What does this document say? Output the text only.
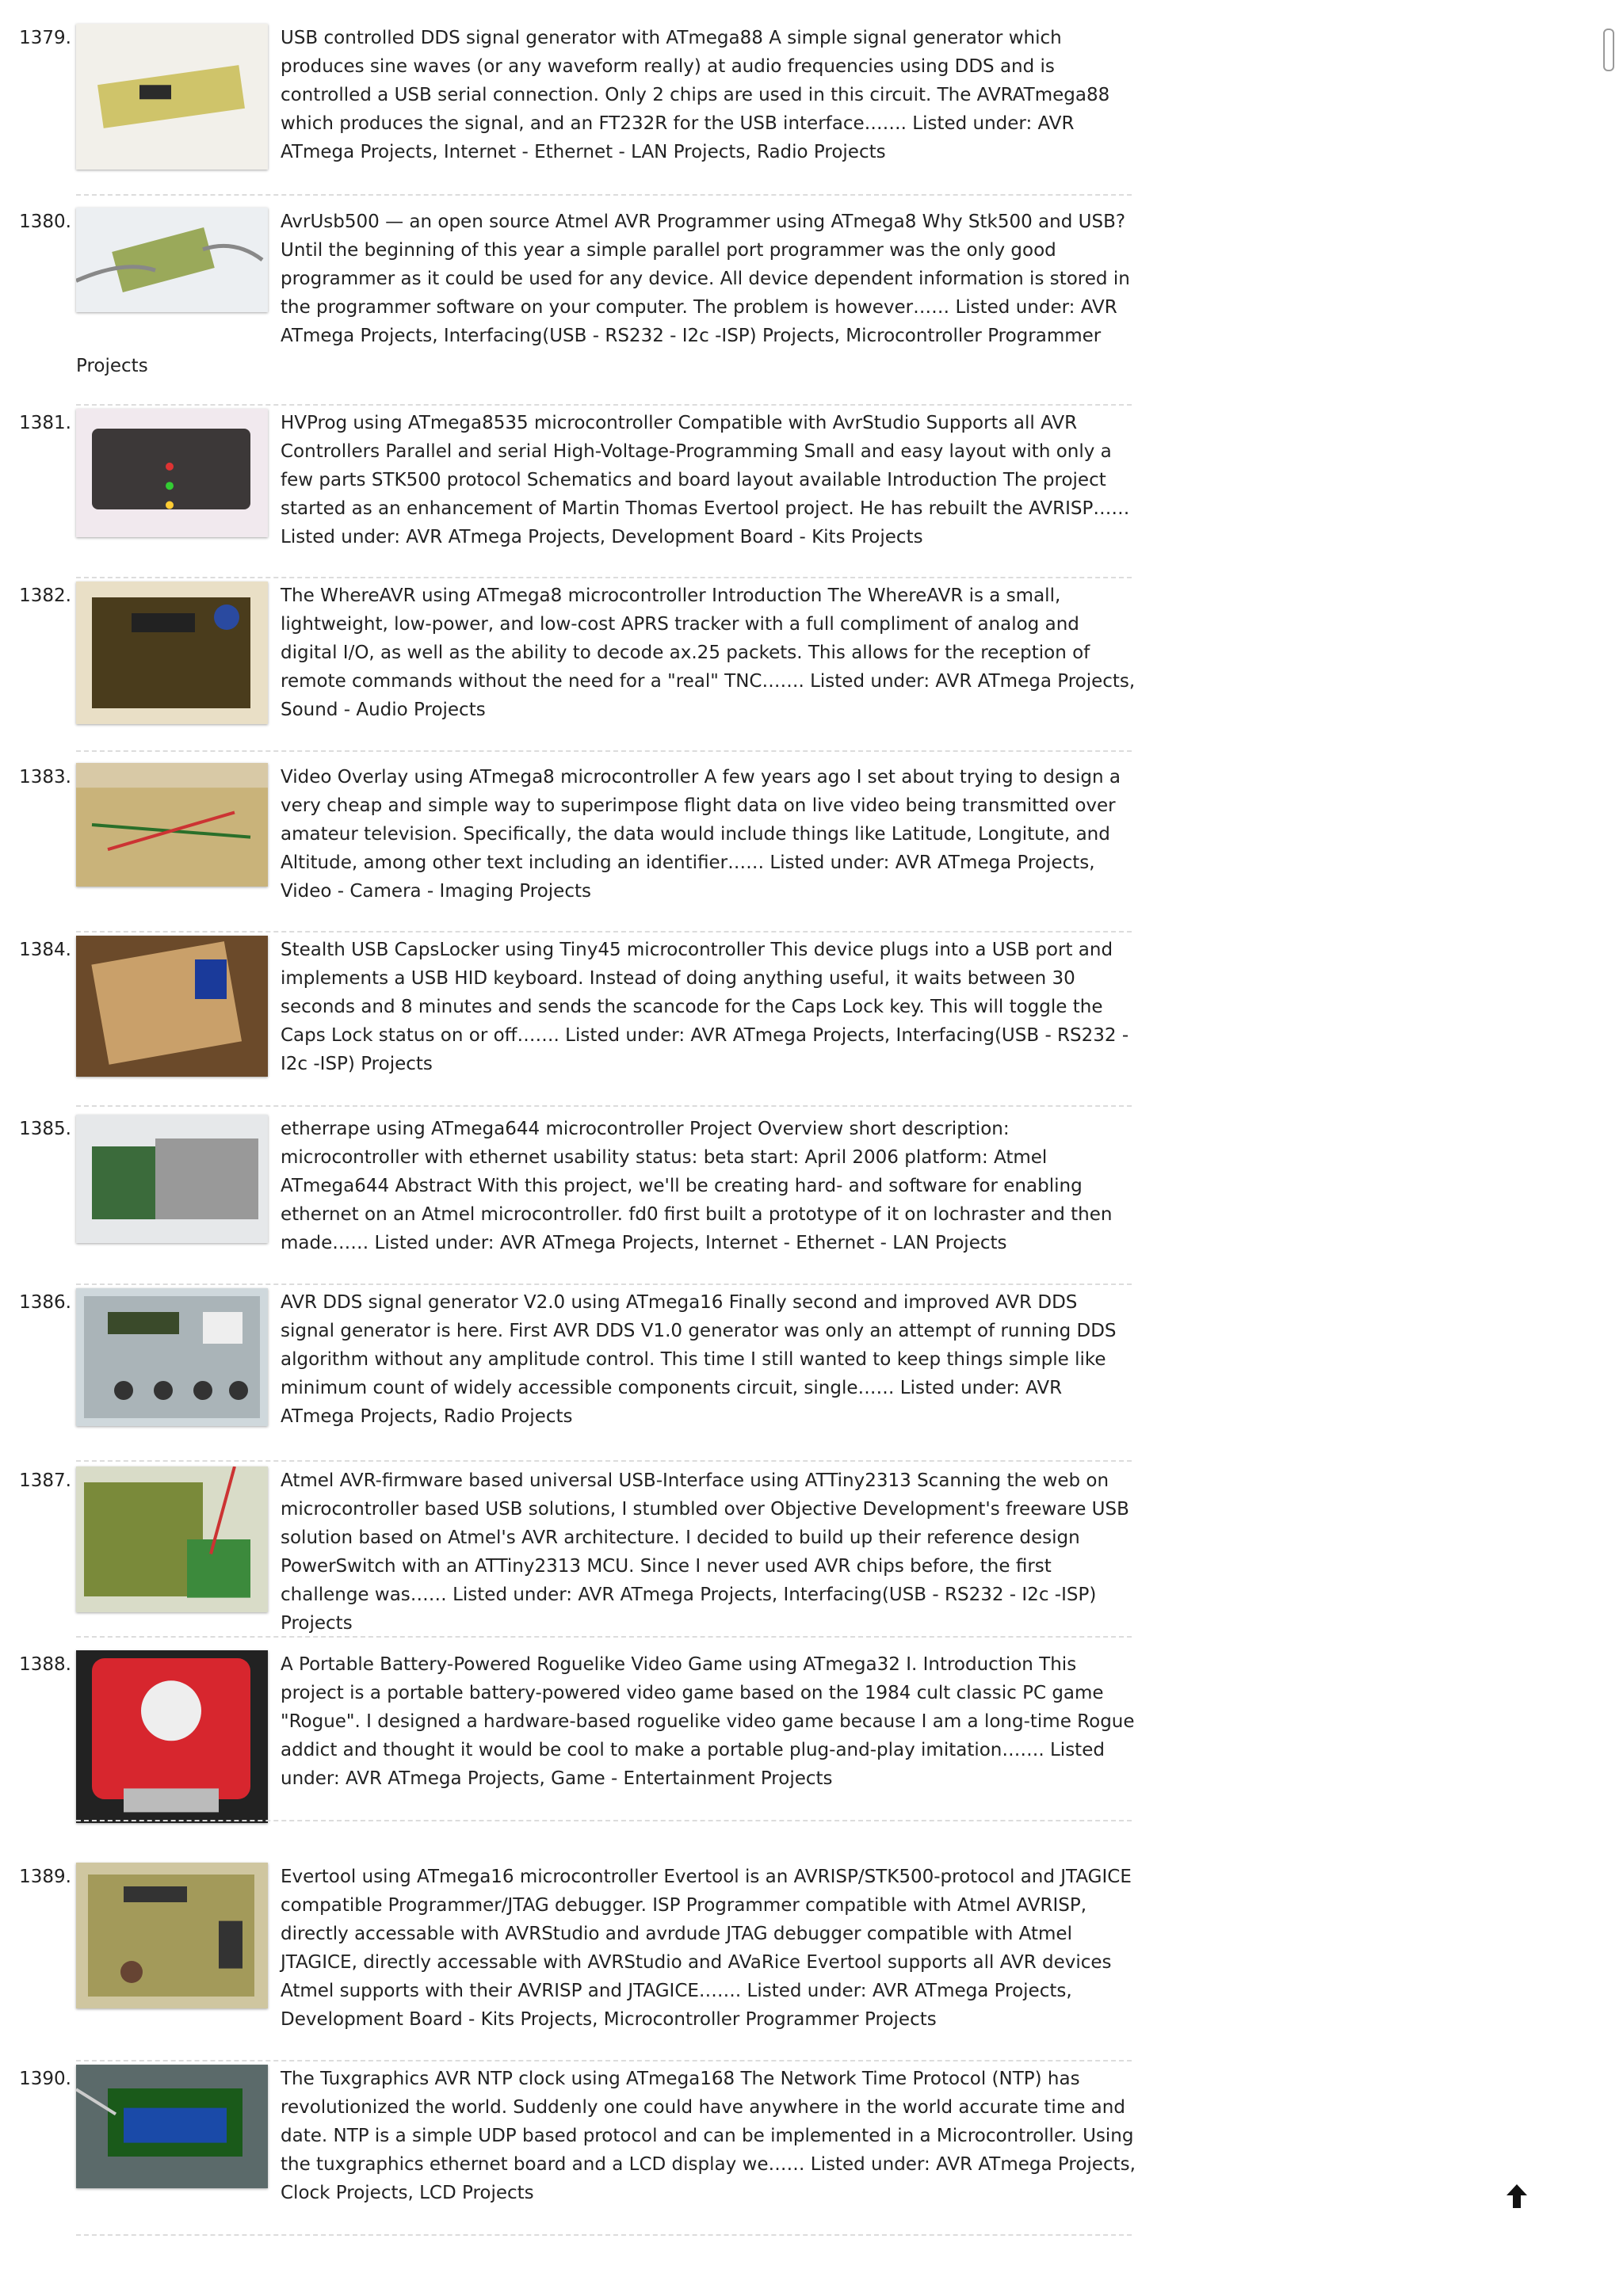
1379.	USB controlled DDS signal generator with ATmega88 A simple signal generator which produces sine waves (or any waveform really) at audio frequencies using DDS and is controlled a USB serial connection. Only 2 chips are used in this circuit. The AVRATmega88 which produces the signal, and an FT232R for the USB interface……. Listed under: AVR ATmega Projects, Internet - Ethernet - LAN Projects, Radio Projects

1380.	AvrUsb500 — an open source Atmel AVR Programmer using ATmega8 Why Stk500 and USB? Until the beginning of this year a simple parallel port programmer was the only good programmer as it could be used for any device. All device dependent information is stored in the programmer software on your computer. The problem is however…… Listed under: AVR ATmega Projects, Interfacing(USB - RS232 - I2c -ISP) Projects, Microcontroller Programmer

Projects
1381.	HVProg using ATmega8535 microcontroller Compatible with AvrStudio Supports all AVR Controllers Parallel and serial High-Voltage-Programming Small and easy layout with only a few parts STK500 protocol Schematics and board layout available Introduction The project started as an enhancement of Martin Thomas Evertool project. He has rebuilt the AVRISP…… Listed under: AVR ATmega Projects, Development Board - Kits Projects

1382.	The WhereAVR using ATmega8 microcontroller Introduction The WhereAVR is a small, lightweight, low-power, and low-cost APRS tracker with a full compliment of analog and digital I/O, as well as the ability to decode ax.25 packets. This allows for the reception of remote commands without the need for a "real" TNC……. Listed under: AVR ATmega Projects, Sound - Audio Projects

1383.	Video Overlay using ATmega8 microcontroller A few years ago I set about trying to design a very cheap and simple way to superimpose flight data on live video being transmitted over amateur television. Specifically, the data would include things like Latitude, Longitute, and Altitude, among other text including an identifier…… Listed under: AVR ATmega Projects, Video - Camera - Imaging Projects

1384.	Stealth USB CapsLocker using Tiny45 microcontroller This device plugs into a USB port and implements a USB HID keyboard. Instead of doing anything useful, it waits between 30 seconds and 8 minutes and sends the scancode for the Caps Lock key. This will toggle the Caps Lock status on or off……. Listed under: AVR ATmega Projects, Interfacing(USB - RS232 - I2c -ISP) Projects

1385.	etherrape using ATmega644 microcontroller Project Overview short description: microcontroller with ethernet usability status: beta start: April 2006 platform: Atmel ATmega644 Abstract With this project, we'll be creating hard- and software for enabling ethernet on an Atmel microcontroller. fd0 first built a prototype of it on lochraster and then made…… Listed under: AVR ATmega Projects, Internet - Ethernet - LAN Projects

1386.	AVR DDS signal generator V2.0 using ATmega16 Finally second and improved AVR DDS signal generator is here. First AVR DDS V1.0 generator was only an attempt of running DDS algorithm without any amplitude control. This time I still wanted to keep things simple like minimum count of widely accessible components circuit, single…… Listed under: AVR ATmega Projects, Radio Projects

1387.	Atmel AVR-firmware based universal USB-Interface using ATTiny2313 Scanning the web on microcontroller based USB solutions, I stumbled over Objective Development's freeware USB solution based on Atmel's AVR architecture. I decided to build up their reference design PowerSwitch with an ATTiny2313 MCU. Since I never used AVR chips before, the first challenge was…… Listed under: AVR ATmega Projects, Interfacing(USB - RS232 - I2c -ISP) Projects

1388.	A Portable Battery-Powered Roguelike Video Game using ATmega32 I. Introduction This project is a portable battery-powered video game based on the 1984 cult classic PC game "Rogue". I designed a hardware-based roguelike video game because I am a long-time Rogue addict and thought it would be cool to make a portable plug-and-play imitation……. Listed under: AVR ATmega Projects, Game - Entertainment Projects

1389.	Evertool using ATmega16 microcontroller Evertool is an AVRISP/STK500-protocol and JTAGICE compatible Programmer/JTAG debugger. ISP Programmer compatible with Atmel AVRISP, directly accessable with AVRStudio and avrdude JTAG debugger compatible with Atmel JTAGICE, directly accessable with AVRStudio and AVaRice Evertool supports all AVR devices Atmel supports with their AVRISP and JTAGICE……. Listed under: AVR ATmega Projects, Development Board - Kits Projects, Microcontroller Programmer Projects

1390.	The Tuxgraphics AVR NTP clock using ATmega168 The Network Time Protocol (NTP) has revolutionized the world. Suddenly one could have anywhere in the world accurate time and date. NTP is a simple UDP based protocol and can be implemented in a Microcontroller. Using the tuxgraphics ethernet board and a LCD display we…… Listed under: AVR ATmega Projects, Clock Projects, LCD Projects
